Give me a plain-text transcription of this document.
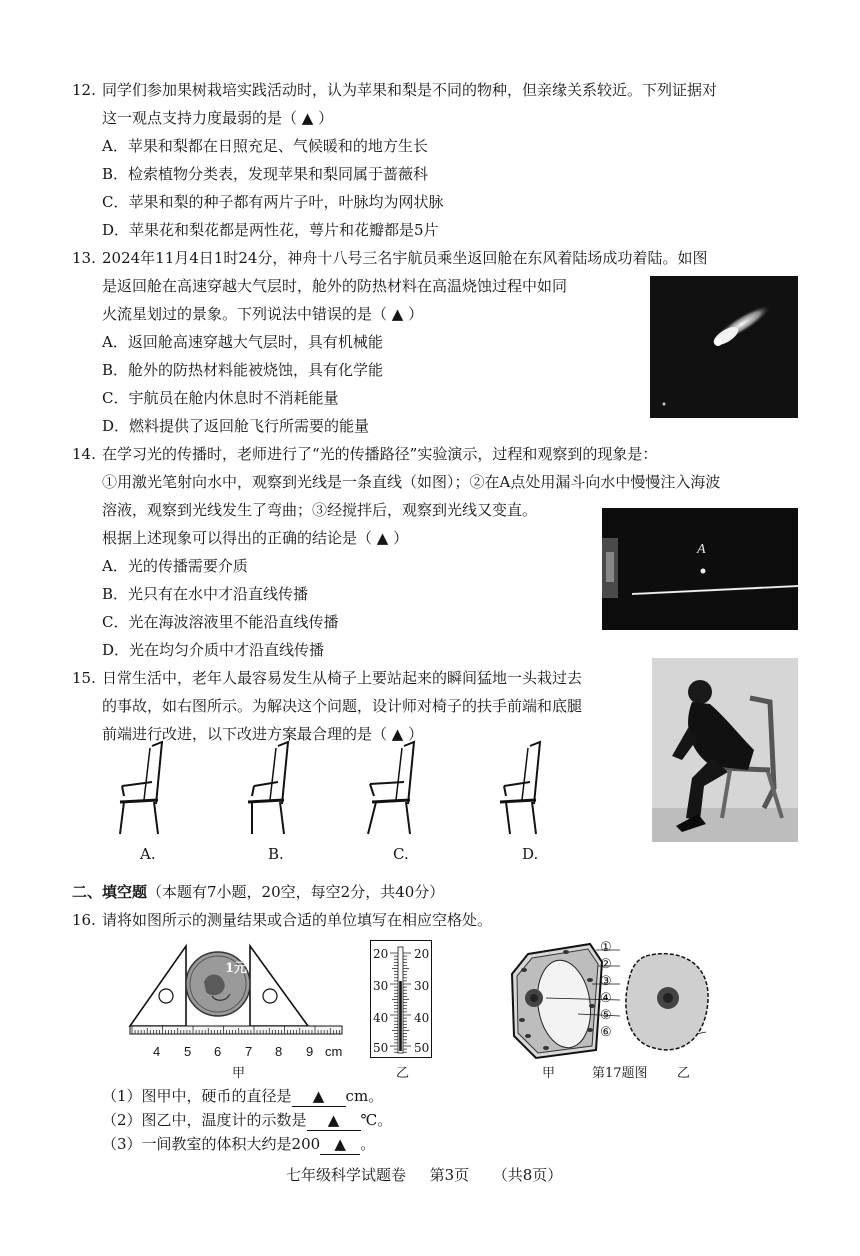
12. 同学们参加果树栽培实践活动时，认为苹果和梨是不同的物种，但亲缘关系较近。下列证据对
这一观点支持力度最弱的是（ ▲ ）
A．苹果和梨都在日照充足、气候暖和的地方生长
B．检索植物分类表，发现苹果和梨同属于蔷薇科
C．苹果和梨的种子都有两片子叶，叶脉均为网状脉
D．苹果花和梨花都是两性花，萼片和花瓣都是5片
13. 2024年11月4日1时24分，神舟十八号三名宇航员乘坐返回舱在东风着陆场成功着陆。如图
是返回舱在高速穿越大气层时，舱外的防热材料在高温烧蚀过程中如同
火流星划过的景象。下列说法中错误的是（ ▲ ）
A．返回舱高速穿越大气层时，具有机械能
B．舱外的防热材料能被烧蚀，具有化学能
C．宇航员在舱内休息时不消耗能量
D．燃料提供了返回舱飞行所需要的能量
14. 在学习光的传播时，老师进行了“光的传播路径”实验演示，过程和观察到的现象是：
①用激光笔射向水中，观察到光线是一条直线（如图）；②在A点处用漏斗向水中慢慢注入海波
溶液，观察到光线发生了弯曲；③经搅拌后，观察到光线又变直。
根据上述现象可以得出的正确的结论是（ ▲ ）
A．光的传播需要介质
B．光只有在水中才沿直线传播
C．光在海波溶液里不能沿直线传播
D．光在均匀介质中才沿直线传播
A
15. 日常生活中，老年人最容易发生从椅子上要站起来的瞬间猛地一头栽过去
的事故，如右图所示。为解决这个问题，设计师对椅子的扶手前端和底腿
前端进行改进，以下改进方案最合理的是（ ▲ ）
A.	B.	C.	D.
二、填空题（本题有7小题，20空，每空2分，共40分）
16. 请将如图所示的测量结果或合适的单位填写在相应空格处。
1元
4 5 6 7 8 9 cm
甲
20
30
40
50
20
30
40
50
乙
①
②
③
④
⑤
⑥
甲	第17题图 乙
（1）图甲中，硬币的直径是 ▲ cm。
（2）图乙中，温度计的示数是 ▲ ℃。
（3）一间教室的体积大约是200 ▲ 。
七年级科学试题卷 第3页 （共8页）
